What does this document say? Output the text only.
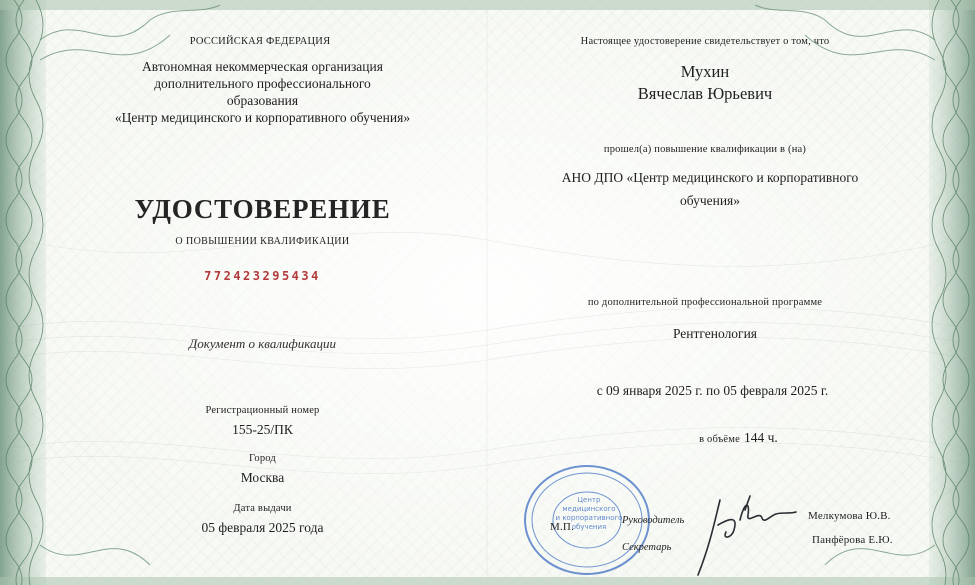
РОССИЙСКАЯ ФЕДЕРАЦИЯ
Автономная некоммерческая организация
дополнительного профессионального
образования
«Центр медицинского и корпоративного обучения»
УДОСТОВЕРЕНИЕ
О ПОВЫШЕНИИ КВАЛИФИКАЦИИ
772423295434
Документ о квалификации
Регистрационный номер
155-25/ПК
Город
Москва
Дата выдачи
05 февраля 2025 года
Настоящее удостоверение свидетельствует о том, что
Мухин
Вячеслав Юрьевич
прошел(а) повышение квалификации в (на)
АНО ДПО «Центр медицинского и корпоративного
обучения»
по дополнительной профессиональной программе
Рентгенология
с 09 января 2025 г. по 05 февраля 2025 г.
в объёме 144 ч.
Центр
медицинского
и корпоративного
обучения
М.П.
Руководитель
Секретарь
Мелкумова Ю.В.
Панфёрова Е.Ю.
